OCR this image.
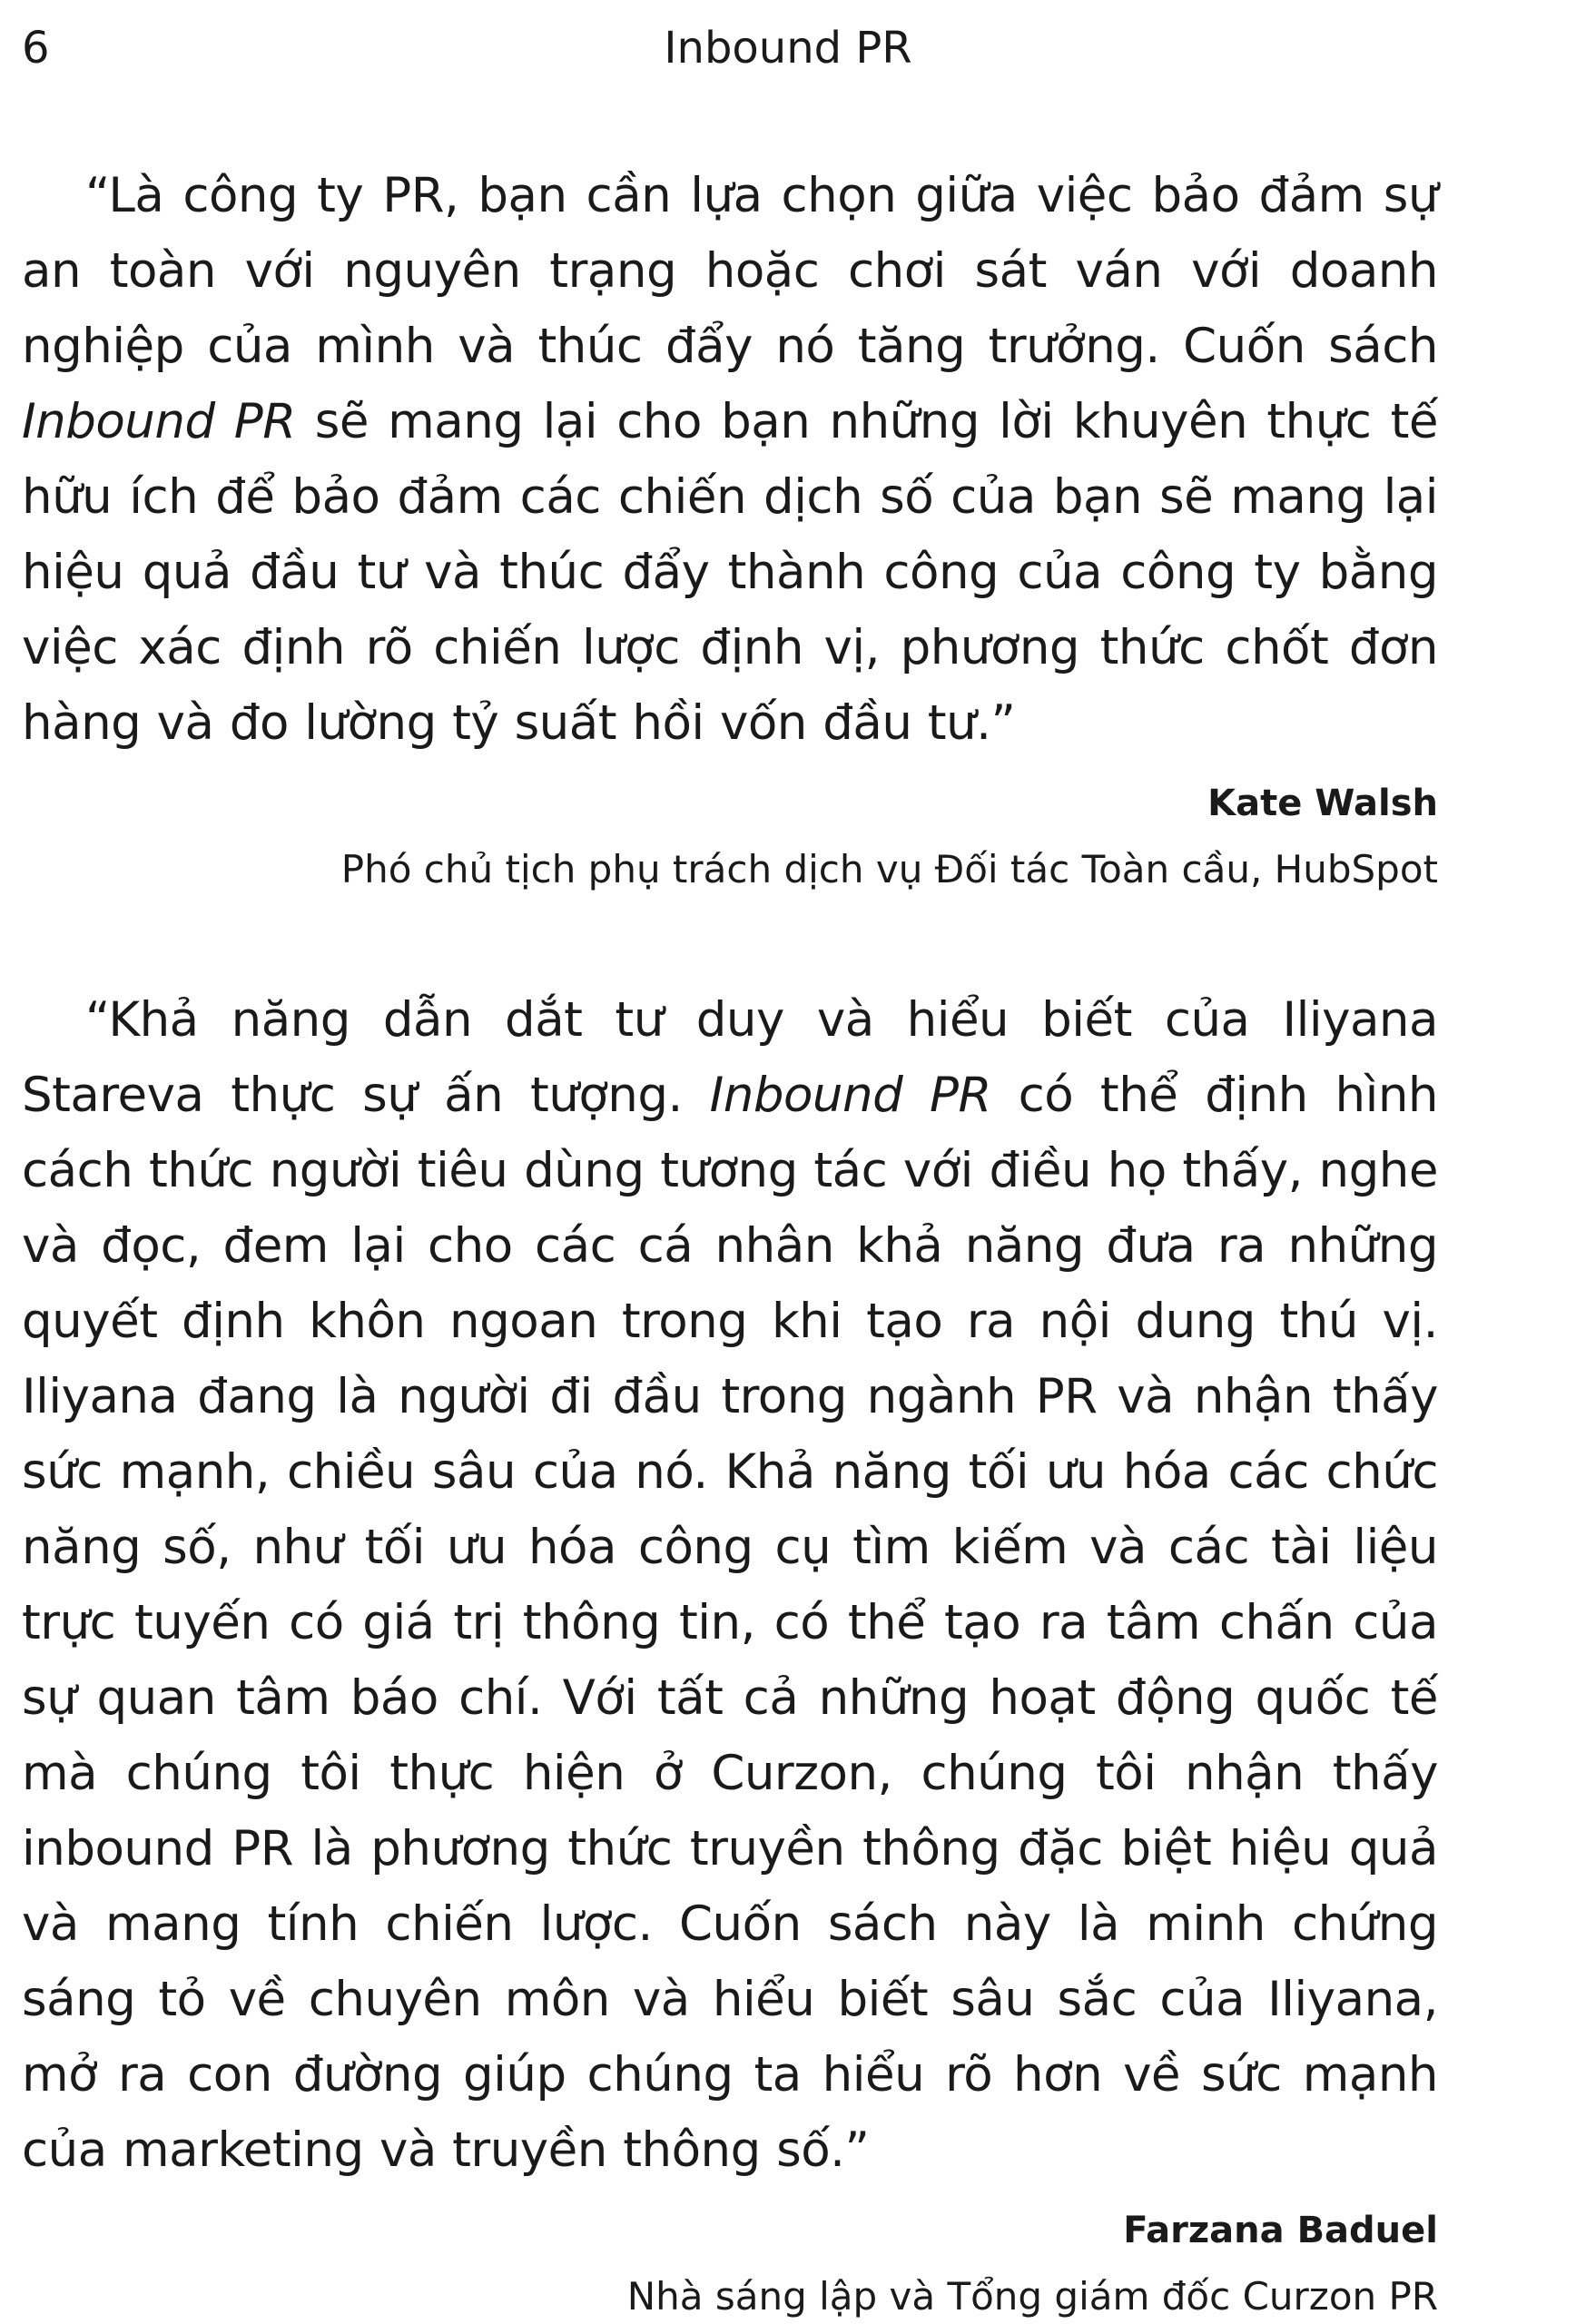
6	Inbound PR

“Là công ty PR, bạn cần lựa chọn giữa việc bảo đảm sự an toàn với nguyên trạng hoặc chơi sát ván với doanh nghiệp của mình và thúc đẩy nó tăng trưởng. Cuốn sách Inbound PR sẽ mang lại cho bạn những lời khuyên thực tế hữu ích để bảo đảm các chiến dịch số của bạn sẽ mang lại hiệu quả đầu tư và thúc đẩy thành công của công ty bằng việc xác định rõ chiến lược định vị, phương thức chốt đơn hàng và đo lường tỷ suất hồi vốn đầu tư.”

Kate Walsh

Phó chủ tịch phụ trách dịch vụ Đối tác Toàn cầu, HubSpot

“Khả năng dẫn dắt tư duy và hiểu biết của Iliyana Stareva thực sự ấn tượng. Inbound PR có thể định hình cách thức người tiêu dùng tương tác với điều họ thấy, nghe và đọc, đem lại cho các cá nhân khả năng đưa ra những quyết định khôn ngoan trong khi tạo ra nội dung thú vị. Iliyana đang là người đi đầu trong ngành PR và nhận thấy sức mạnh, chiều sâu của nó. Khả năng tối ưu hóa các chức năng số, như tối ưu hóa công cụ tìm kiếm và các tài liệu trực tuyến có giá trị thông tin, có thể tạo ra tâm chấn của sự quan tâm báo chí. Với tất cả những hoạt động quốc tế mà chúng tôi thực hiện ở Curzon, chúng tôi nhận thấy inbound PR là phương thức truyền thông đặc biệt hiệu quả và mang tính chiến lược. Cuốn sách này là minh chứng sáng tỏ về chuyên môn và hiểu biết sâu sắc của Iliyana, mở ra con đường giúp chúng ta hiểu rõ hơn về sức mạnh của marketing và truyền thông số.”

Farzana Baduel

Nhà sáng lập và Tổng giám đốc Curzon PR
